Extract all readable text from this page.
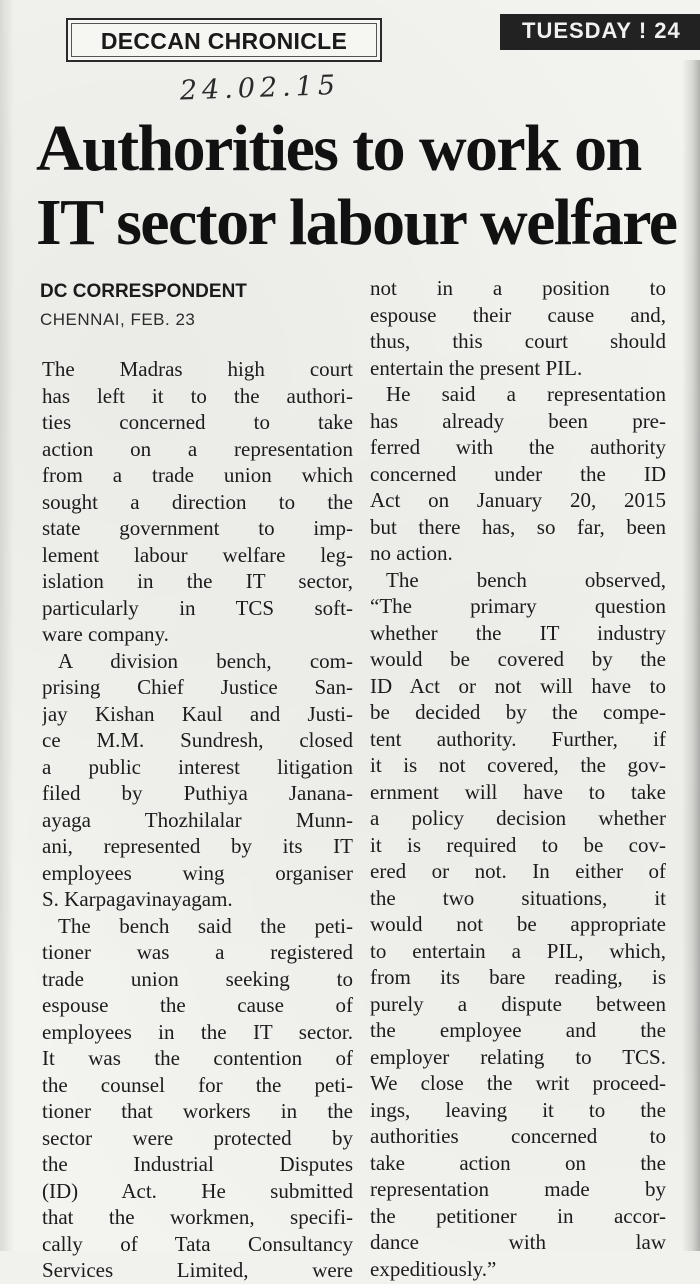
DECCAN CHRONICLE	TUESDAY ! 24
24.02.15
Authorities to work on
IT sector labour welfare
DC CORRESPONDENT
CHENNAI, FEB. 23
The Madras high court
has left it to the authori-
ties concerned to take
action on a representation
from a trade union which
sought a direction to the
state government to imp-
lement labour welfare leg-
islation in the IT sector,
particularly in TCS soft-
ware company.
A division bench, com-
prising Chief Justice San-
jay Kishan Kaul and Justi-
ce M.M. Sundresh, closed
a public interest litigation
filed by Puthiya Janana-
ayaga Thozhilalar Munn-
ani, represented by its IT
employees wing organiser
S. Karpagavinayagam.
The bench said the peti-
tioner was a registered
trade union seeking to
espouse the cause of
employees in the IT sector.
It was the contention of
the counsel for the peti-
tioner that workers in the
sector were protected by
the Industrial Disputes
(ID) Act. He submitted
that the workmen, specifi-
cally of Tata Consultancy
Services Limited, were
not in a position to
espouse their cause and,
thus, this court should
entertain the present PIL.
He said a representation
has already been pre-
ferred with the authority
concerned under the ID
Act on January 20, 2015
but there has, so far, been
no action.
The bench observed,
“The primary question
whether the IT industry
would be covered by the
ID Act or not will have to
be decided by the compe-
tent authority. Further, if
it is not covered, the gov-
ernment will have to take
a policy decision whether
it is required to be cov-
ered or not. In either of
the two situations, it
would not be appropriate
to entertain a PIL, which,
from its bare reading, is
purely a dispute between
the employee and the
employer relating to TCS.
We close the writ proceed-
ings, leaving it to the
authorities concerned to
take action on the
representation made by
the petitioner in accor-
dance with law
expeditiously.”
